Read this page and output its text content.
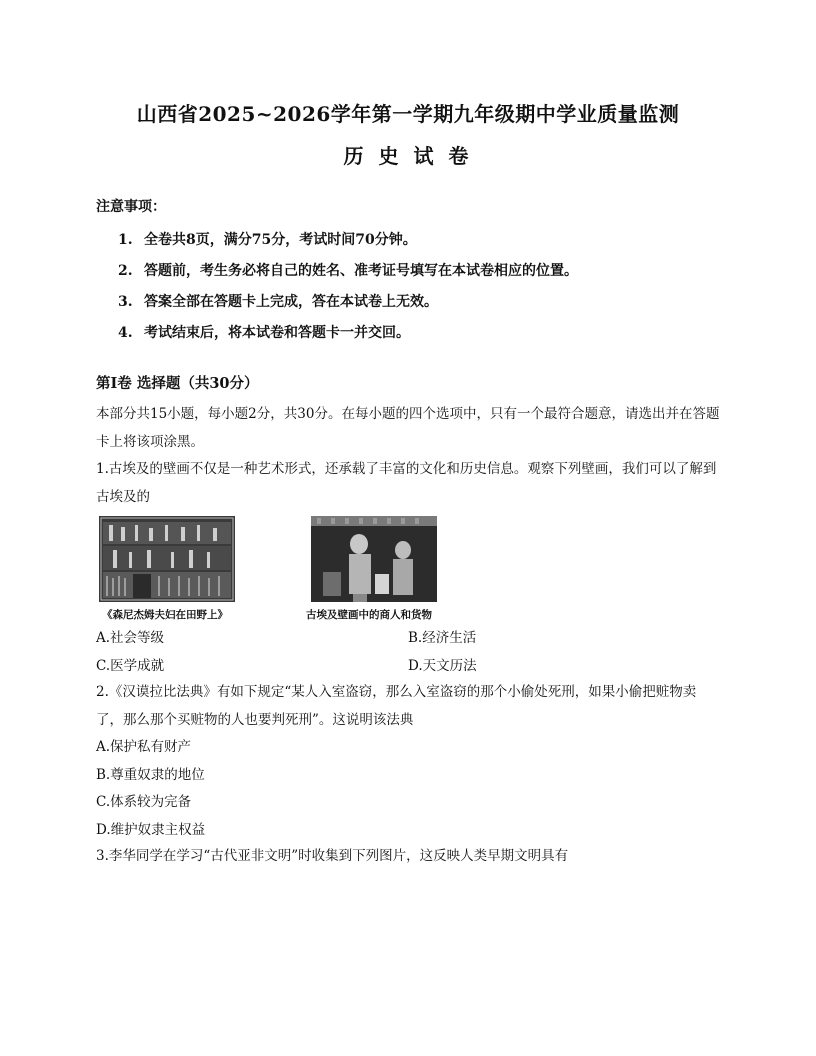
山西省2025~2026学年第一学期九年级期中学业质量监测
历 史 试 卷
注意事项：
1. 全卷共8页，满分75分，考试时间70分钟。
2. 答题前，考生务必将自己的姓名、准考证号填写在本试卷相应的位置。
3. 答案全部在答题卡上完成，答在本试卷上无效。
4. 考试结束后，将本试卷和答题卡一并交回。
第Ⅰ卷 选择题（共30分）
本部分共15小题，每小题2分，共30分。在每小题的四个选项中，只有一个最符合题意，请选出并在答题卡上将该项涂黑。
1.古埃及的壁画不仅是一种艺术形式，还承载了丰富的文化和历史信息。观察下列壁画，我们可以了解到古埃及的
《森尼杰姆夫妇在田野上》	古埃及壁画中的商人和货物
A.社会等级	B.经济生活
C.医学成就	D.天文历法
2.《汉谟拉比法典》有如下规定“某人入室盗窃，那么入室盗窃的那个小偷处死刑，如果小偷把赃物卖了，那么那个买赃物的人也要判死刑”。这说明该法典
A.保护私有财产
B.尊重奴隶的地位
C.体系较为完备
D.维护奴隶主权益
3.李华同学在学习“古代亚非文明”时收集到下列图片，这反映人类早期文明具有
